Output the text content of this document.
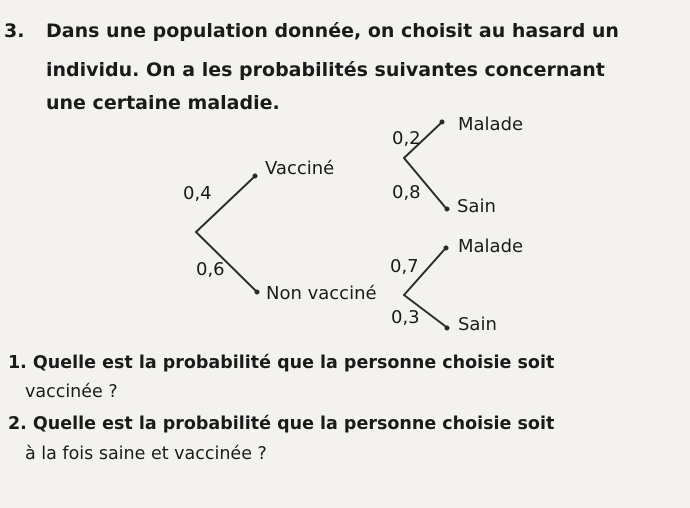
3. Dans une population donnée, on choisit au hasard un
individu. On a les probabilités suivantes concernant
une certaine maladie.
Vacciné
0,4
Non vacciné
0,6
Malade
0,2
Sain
0,8
Malade
0,7
Sain
0,3
1. Quelle est la probabilité que la personne choisie soit
vaccinée ?
2. Quelle est la probabilité que la personne choisie soit
à la fois saine et vaccinée ?
